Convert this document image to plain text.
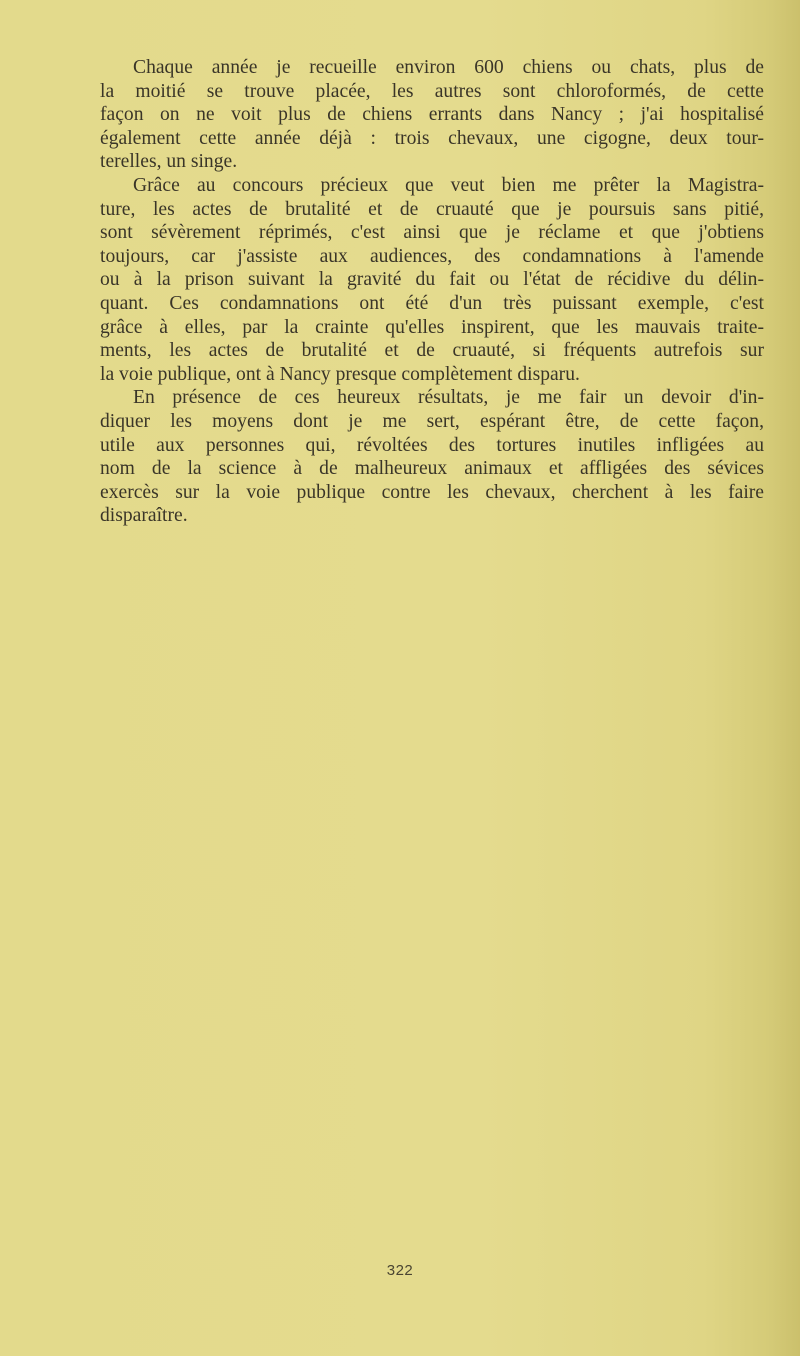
Chaque année je recueille environ 600 chiens ou chats, plus de
la moitié se trouve placée, les autres sont chloroformés, de cette
façon on ne voit plus de chiens errants dans Nancy ; j'ai hospitalisé
également cette année déjà : trois chevaux, une cigogne, deux tour-
terelles, un singe.
Grâce au concours précieux que veut bien me prêter la Magistra-
ture, les actes de brutalité et de cruauté que je poursuis sans pitié,
sont sévèrement réprimés, c'est ainsi que je réclame et que j'obtiens
toujours, car j'assiste aux audiences, des condamnations à l'amende
ou à la prison suivant la gravité du fait ou l'état de récidive du délin-
quant. Ces condamnations ont été d'un très puissant exemple, c'est
grâce à elles, par la crainte qu'elles inspirent, que les mauvais traite-
ments, les actes de brutalité et de cruauté, si fréquents autrefois sur
la voie publique, ont à Nancy presque complètement disparu.
En présence de ces heureux résultats, je me fair un devoir d'in-
diquer les moyens dont je me sert, espérant être, de cette façon,
utile aux personnes qui, révoltées des tortures inutiles infligées au
nom de la science à de malheureux animaux et affligées des sévices
exercès sur la voie publique contre les chevaux, cherchent à les faire
disparaître.
322
